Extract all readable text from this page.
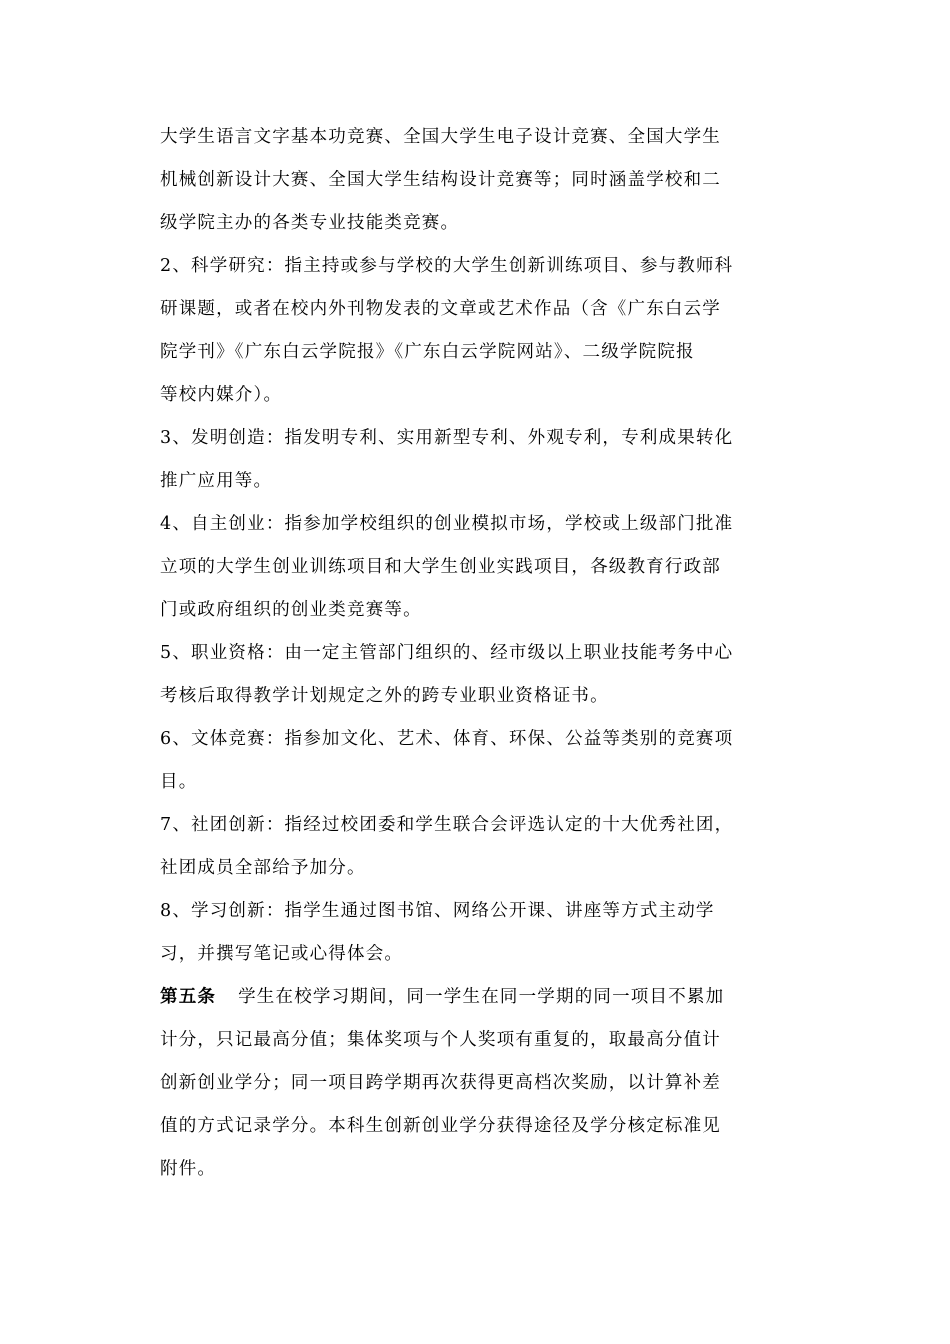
大学生语言文字基本功竞赛、全国大学生电子设计竞赛、全国大学生
机械创新设计大赛、全国大学生结构设计竞赛等；同时涵盖学校和二
级学院主办的各类专业技能类竞赛。
2、科学研究：指主持或参与学校的大学生创新训练项目、参与教师科
研课题，或者在校内外刊物发表的文章或艺术作品（含《广东白云学
院学刊》《广东白云学院报》《广东白云学院网站》、二级学院院报
等校内媒介）。
3、发明创造：指发明专利、实用新型专利、外观专利，专利成果转化
推广应用等。
4、自主创业：指参加学校组织的创业模拟市场，学校或上级部门批准
立项的大学生创业训练项目和大学生创业实践项目，各级教育行政部
门或政府组织的创业类竞赛等。
5、职业资格：由一定主管部门组织的、经市级以上职业技能考务中心
考核后取得教学计划规定之外的跨专业职业资格证书。
6、文体竞赛：指参加文化、艺术、体育、环保、公益等类别的竞赛项
目。
7、社团创新：指经过校团委和学生联合会评选认定的十大优秀社团，
社团成员全部给予加分。
8、学习创新：指学生通过图书馆、网络公开课、讲座等方式主动学
习，并撰写笔记或心得体会。
第五条 学生在校学习期间，同一学生在同一学期的同一项目不累加
计分，只记最高分值；集体奖项与个人奖项有重复的，取最高分值计
创新创业学分；同一项目跨学期再次获得更高档次奖励，以计算补差
值的方式记录学分。本科生创新创业学分获得途径及学分核定标准见
附件。
